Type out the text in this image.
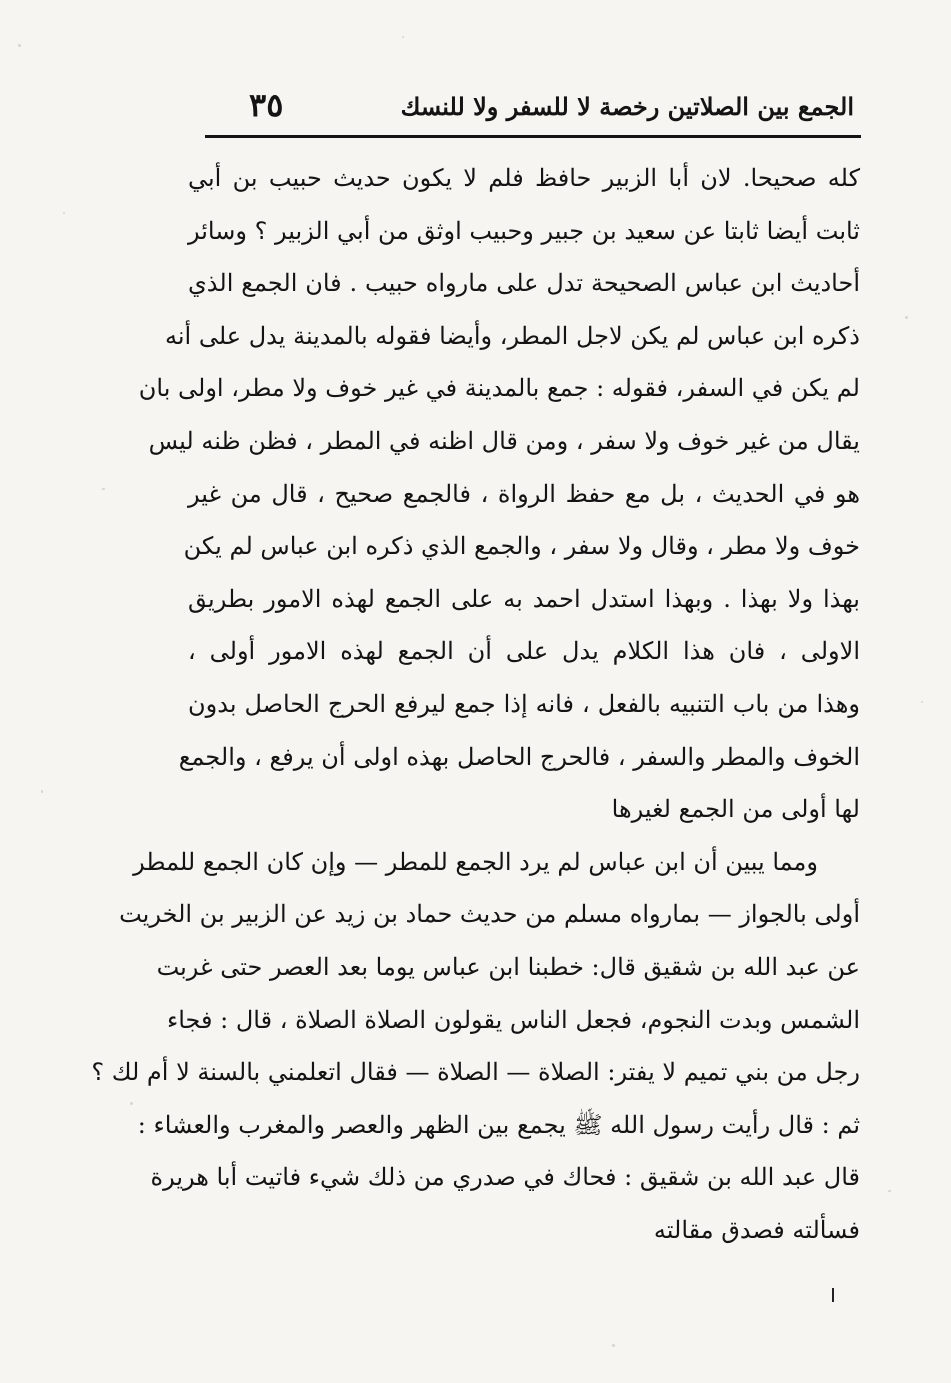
الجمع بين الصلاتين رخصة لا للسفر ولا للنسك
٣٥
كله صحيحا. لان أبا الزبير حافظ فلم لا يكون حديث حبيب بن أبي
ثابت أيضا ثابتا عن سعيد بن جبير وحبيب اوثق من أبي الزبير ؟ وسائر
أحاديث ابن عباس الصحيحة تدل على مارواه حبيب . فان الجمع الذي
ذكره ابن عباس لم يكن لاجل المطر، وأيضا فقوله بالمدينة يدل على أنه
لم يكن في السفر، فقوله : جمع بالمدينة في غير خوف ولا مطر، اولى بان
يقال من غير خوف ولا سفر ، ومن قال اظنه في المطر ، فظن ظنه ليس
هو في الحديث ، بل مع حفظ الرواة ، فالجمع صحيح ، قال من غير
خوف ولا مطر ، وقال ولا سفر ، والجمع الذي ذكره ابن عباس لم يكن
بهذا ولا بهذا . وبهذا استدل احمد به على الجمع لهذه الامور بطريق
الاولى ، فان هذا الكلام يدل على أن الجمع لهذه الامور أولى ،
وهذا من باب التنبيه بالفعل ، فانه إذا جمع ليرفع الحرج الحاصل بدون
الخوف والمطر والسفر ، فالحرج الحاصل بهذه اولى أن يرفع ، والجمع
لها أولى من الجمع لغيرها
ومما يبين أن ابن عباس لم يرد الجمع للمطر — وإن كان الجمع للمطر
أولى بالجواز — بمارواه مسلم من حديث حماد بن زيد عن الزبير بن الخريت
عن عبد الله بن شقيق قال: خطبنا ابن عباس يوما بعد العصر حتى غربت
الشمس وبدت النجوم، فجعل الناس يقولون الصلاة الصلاة ، قال : فجاء
رجل من بني تميم لا يفتر: الصلاة — الصلاة — فقال اتعلمني بالسنة لا أم لك ؟
ثم : قال رأيت رسول الله ﷺ يجمع بين الظهر والعصر والمغرب والعشاء :
قال عبد الله بن شقيق : فحاك في صدري من ذلك شيء فاتيت أبا هريرة
فسألته فصدق مقالته
